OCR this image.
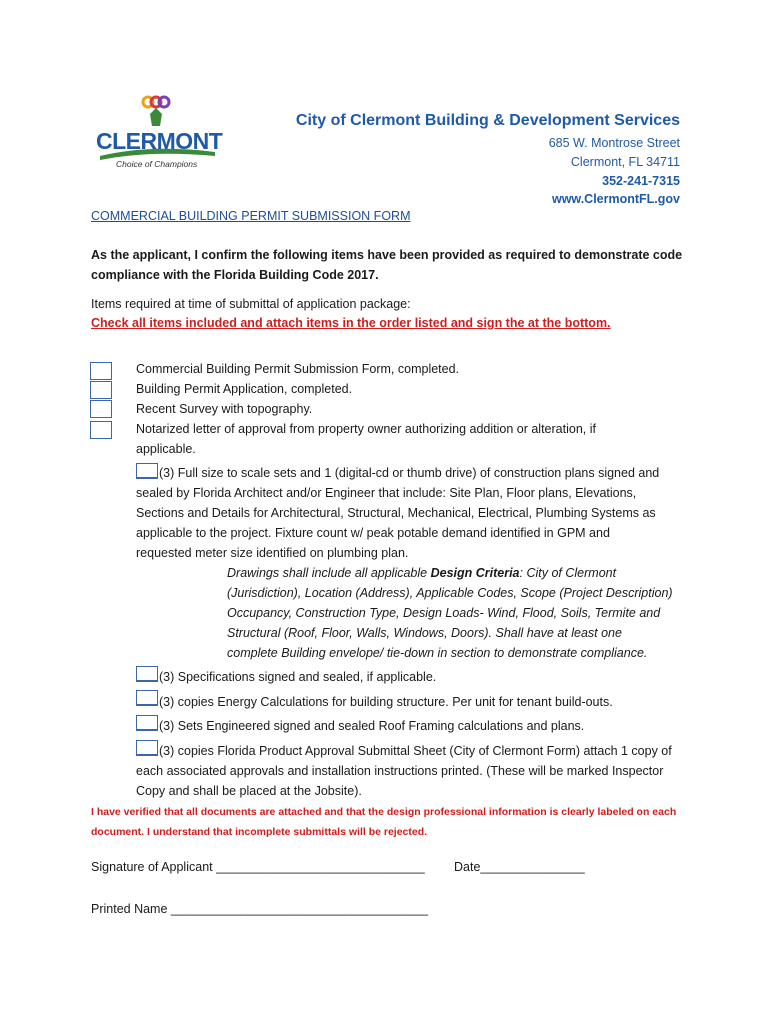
CLERMONT
Choice of Champions
City of Clermont Building & Development Services
685 W. Montrose Street
Clermont, FL 34711
352-241-7315
www.ClermontFL.gov
COMMERCIAL BUILDING PERMIT SUBMISSION FORM
As the applicant, I confirm the following items have been provided as required to demonstrate code compliance with the Florida Building Code 2017.
Items required at time of submittal of application package:
Check all items included and attach items in the order listed and sign the at the bottom.
Commercial Building Permit Submission Form, completed.
Building Permit Application, completed.
Recent Survey with topography.
Notarized letter of approval from property owner authorizing addition or alteration, if
applicable.
(3) Full size to scale sets and 1 (digital-cd or thumb drive) of construction plans signed and
sealed by Florida Architect and/or Engineer that include: Site Plan, Floor plans, Elevations,
Sections and Details for Architectural, Structural, Mechanical, Electrical, Plumbing Systems as
applicable to the project. Fixture count w/ peak potable demand identified in GPM and
requested meter size identified on plumbing plan.
Drawings shall include all applicable Design Criteria: City of Clermont
(Jurisdiction), Location (Address), Applicable Codes, Scope (Project Description)
Occupancy, Construction Type, Design Loads- Wind, Flood, Soils, Termite and
Structural (Roof, Floor, Walls, Windows, Doors). Shall have at least one
complete Building envelope/ tie-down in section to demonstrate compliance.
(3) Specifications signed and sealed, if applicable.
(3) copies Energy Calculations for building structure. Per unit for tenant build-outs.
(3) Sets Engineered signed and sealed Roof Framing calculations and plans.
(3) copies Florida Product Approval Submittal Sheet (City of Clermont Form) attach 1 copy of
each associated approvals and installation instructions printed. (These will be marked Inspector
Copy and shall be placed at the Jobsite).
I have verified that all documents are attached and that the design professional information is clearly labeled on each document. I understand that incomplete submittals will be rejected.
Signature of Applicant ______________________________ Date_______________
Printed Name _____________________________________
